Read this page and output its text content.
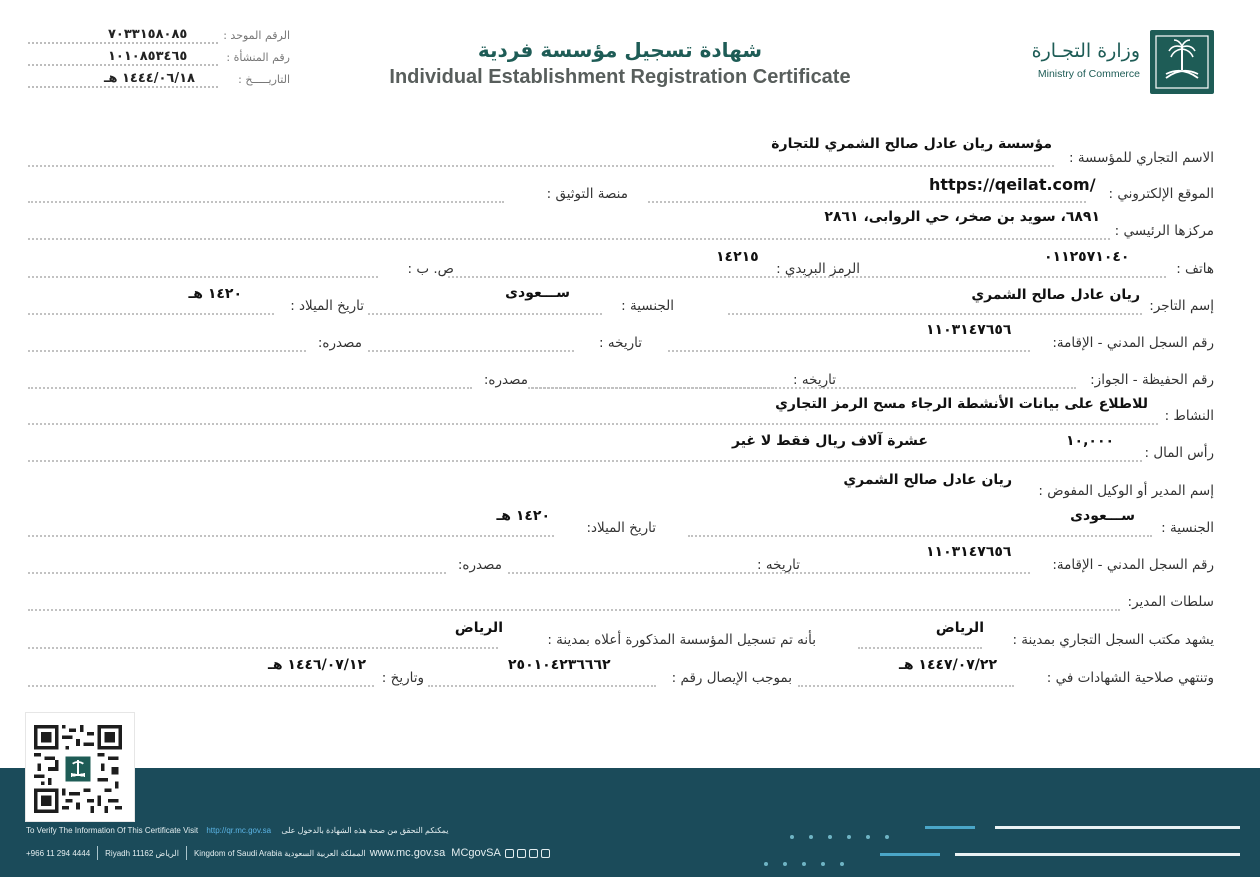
وزارة التجـارة
Ministry of Commerce
شهادة تسجيل مؤسسة فردية
Individual Establishment Registration Certificate
الرقم الموحد :
٧٠٣٣١٥٨٠٨٥
رقم المنشأة :
١٠١٠٨٥٣٤٦٥
التاريـــــخ :
١٤٤٤/٠٦/١٨ هـ
الاسم التجاري للمؤسسة :
مؤسسة ريان عادل صالح الشمري للتجارة
الموقع الإلكتروني :
منصة التوثيق :	https://qeilat.com/
مركزها الرئيسي :
٦٨٩١، سويد بن صخر، حي الروابى، ٢٨٦١
هاتف :
الرمز البريدي :
ص. ب :
٠١١٢٥٧١٠٤٠
١٤٢١٥
إسم التاجر:
الجنسية :
تاريخ الميلاد :
ريان عادل صالح الشمري
ســـعودى
١٤٢٠ هـ
رقم السجل المدني - الإقامة:
تاريخه :
مصدره:
١١٠٣١٤٧٦٥٦
رقم الحفيظة - الجواز:
تاريخه :
مصدره:
النشاط :
للاطلاع على بيانات الأنشطة الرجاء مسح الرمز التجاري
رأس المال :
١٠,٠٠٠
عشرة آلاف ريال فقط لا غير
إسم المدير أو الوكيل المفوض :
ريان عادل صالح الشمري
الجنسية :
تاريخ الميلاد:
ســـعودى
١٤٢٠ هـ
رقم السجل المدني - الإقامة:
تاريخه :
مصدره:
١١٠٣١٤٧٦٥٦
سلطات المدير:
يشهد مكتب السجل التجاري بمدينة :
بأنه تم تسجيل المؤسسة المذكورة أعلاه بمدينة :
الرياض
الرياض
وتنتهي صلاحية الشهادات في :
بموجب الإيصال رقم :
وتاريخ :
١٤٤٧/٠٧/٢٢ هـ
٢٥٠١٠٤٢٣٦٦٦٢
١٤٤٦/٠٧/١٢ هـ
To Verify The Information Of This Certificate Visit http://qr.mc.gov.sa يمكنكم التحقق من صحة هذه الشهادة بالدخول على
+966 11 294 4444 Riyadh 11162 الرياض Kingdom of Saudi Arabia المملكة العربية السعودية www.mc.gov.sa MCgovSA
